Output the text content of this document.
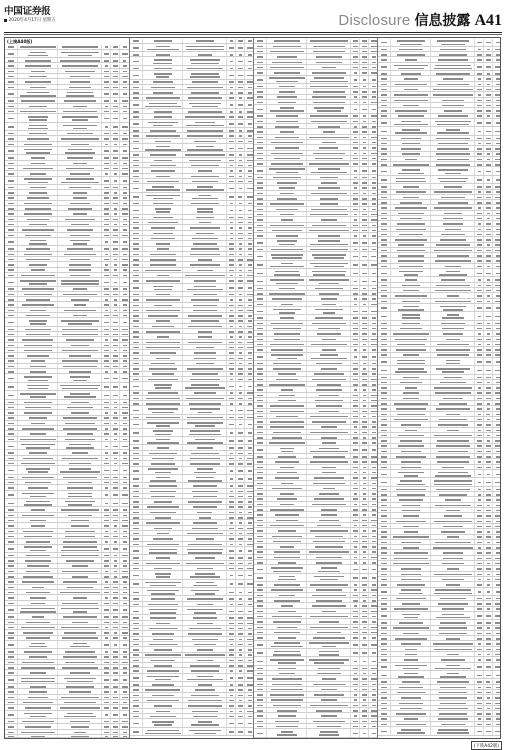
中国证券报
2020年4月17日 星期五	Disclosure 信息披露 A41
(上接A40版)
(下转A42版)
